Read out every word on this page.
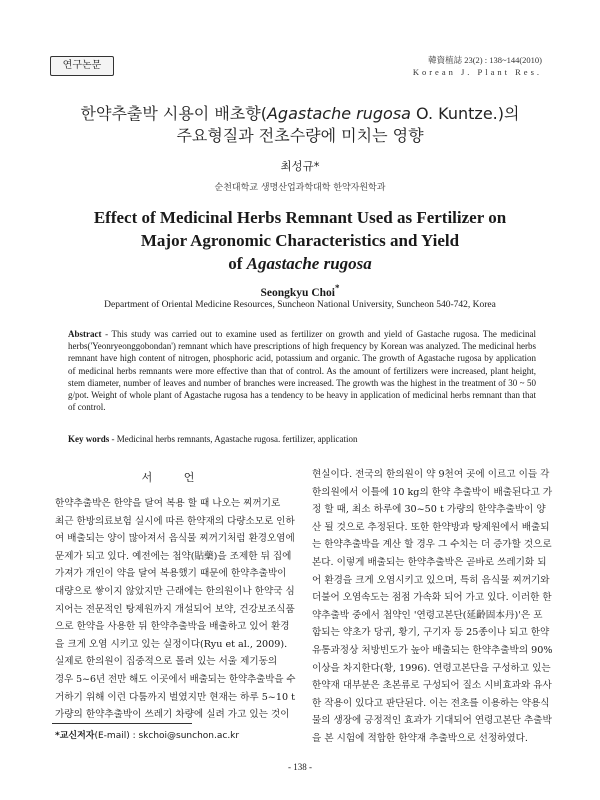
연구논문	韓資植誌 23(2) : 138~144(2010)
Korean J. Plant Res.
한약추출박 시용이 배초향(Agastache rugosa O. Kuntze.)의
주요형질과 전초수량에 미치는 영향
최성규*
순천대학교 생명산업과학대학 한약자원학과
Effect of Medicinal Herbs Remnant Used as Fertilizer on
Major Agronomic Characteristics and Yield
of Agastache rugosa
Seongkyu Choi*
Department of Oriental Medicine Resources, Suncheon National University, Suncheon 540-742, Korea
Abstract - This study was carried out to examine used as fertilizer on growth and yield of Gastache rugosa. The medicinal herbs('Yeonryeonggobondan') remnant which have prescriptions of high frequency by Korean was analyzed. The medicinal herbs remnant have high content of nitrogen, phosphoric acid, potassium and organic. The growth of Agastache rugosa by application of medicinal herbs remnants were more effective than that of control. As the amount of fertilizers were increased, plant height, stem diameter, number of leaves and number of branches were increased. The growth was the highest in the treatment of 30 ~ 50 g/pot. Weight of whole plant of Agastache rugosa has a tendency to be heavy in application of medicinal herbs remnant than that of control.
Key words - Medicinal herbs remnants, Agastache rugosa. fertilizer, application
서 언
한약추출박은 한약을 달여 복용 할 때 나오는 찌꺼기로
최근 한방의료보험 실시에 따른 한약재의 다량소모로 인하
여 배출되는 양이 많아져서 음식물 찌꺼기처럼 환경오염에
문제가 되고 있다. 예전에는 첩약(貼藥)을 조제한 뒤 집에
가져가 개인이 약을 달여 복용했기 때문에 한약추출박이
대량으로 쌓이지 않았지만 근래에는 한의원이나 한약국 심
지어는 전문적인 탕제원까지 개설되어 보약, 건강보조식품
으로 한약을 사용한 뒤 한약추출박을 배출하고 있어 환경
을 크게 오염 시키고 있는 실정이다(Ryu et al., 2009).
실제로 한의원이 집중적으로 몰려 있는 서울 제기동의
경우 5~6년 전만 해도 이곳에서 배출되는 한약추출박을 수
거하기 위해 이런 다툼까지 벌였지만 현재는 하루 5~10 t
가량의 한약추출박이 쓰레기 차량에 실려 가고 있는 것이
현실이다. 전국의 한의원이 약 9천여 곳에 이르고 이들 각
한의원에서 이틀에 10 kg의 한약 추출박이 배출된다고 가
정 할 때, 최소 하루에 30~50 t 가량의 한약추출박이 양
산 될 것으로 추정된다. 또한 한약방과 탕제원에서 배출되
는 한약추출박을 계산 할 경우 그 수치는 더 증가할 것으로
본다. 이렇게 배출되는 한약추출박은 곧바로 쓰레기화 되
어 환경을 크게 오염시키고 있으며, 특히 음식물 찌꺼기와
더불어 오염속도는 점점 가속화 되어 가고 있다. 이러한 한
약추출박 중에서 첩약인 '연령고본단(延齡固本丹)'은 포
함되는 약초가 당귀, 황기, 구기자 등 25종이나 되고 한약
유통과정상 처방빈도가 높아 배출되는 한약추출박의 90%
이상을 차지한다(황, 1996). 연령고본단을 구성하고 있는
한약재 대부분은 초본류로 구성되어 질소 시비효과와 유사
한 작용이 있다고 판단된다. 이는 전초를 이용하는 약용식
물의 생장에 긍정적인 효과가 기대되어 연령고본단 추출박
을 본 시험에 적합한 한약재 추출박으로 선정하였다.
*교신저자(E-mail) : skchoi@sunchon.ac.kr
- 138 -
